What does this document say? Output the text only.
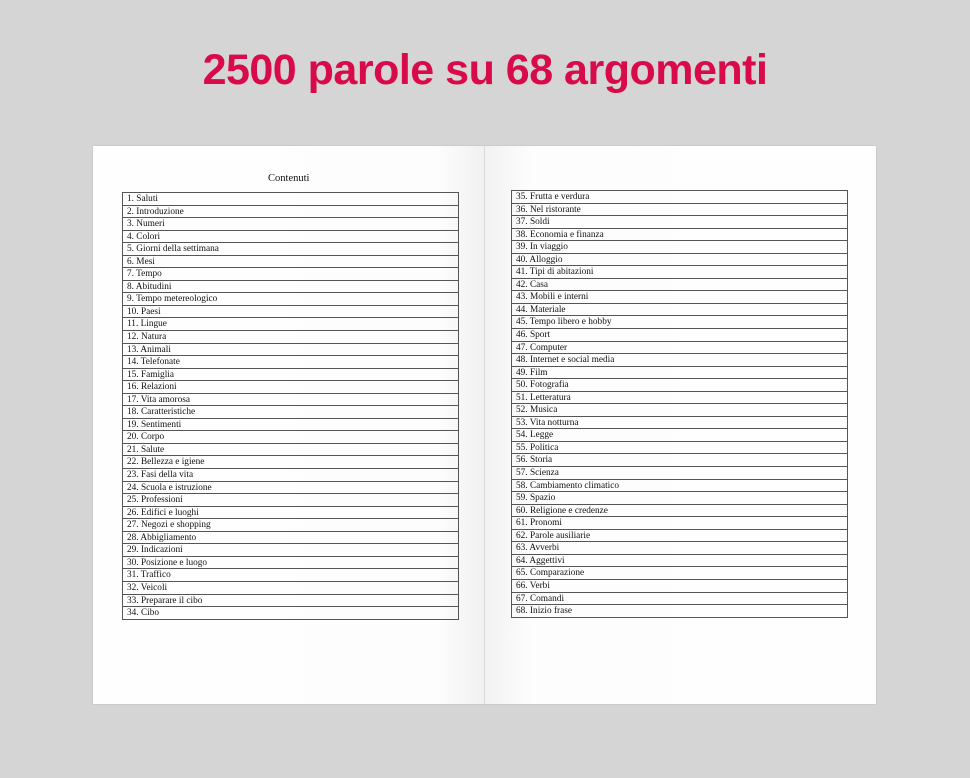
2500 parole su 68 argomenti
Contenuti
1. Saluti
2. Introduzione
3. Numeri
4. Colori
5. Giorni della settimana
6. Mesi
7. Tempo
8. Abitudini
9. Tempo metereologico
10. Paesi
11. Lingue
12. Natura
13. Animali
14. Telefonate
15. Famiglia
16. Relazioni
17. Vita amorosa
18. Caratteristiche
19. Sentimenti
20. Corpo
21. Salute
22. Bellezza e igiene
23. Fasi della vita
24. Scuola e istruzione
25. Professioni
26. Edifici e luoghi
27. Negozi e shopping
28. Abbigliamento
29. Indicazioni
30. Posizione e luogo
31. Traffico
32. Veicoli
33. Preparare il cibo
34. Cibo
35. Frutta e verdura
36. Nel ristorante
37. Soldi
38. Economia e finanza
39. In viaggio
40. Alloggio
41. Tipi di abitazioni
42. Casa
43. Mobili e interni
44. Materiale
45. Tempo libero e hobby
46. Sport
47. Computer
48. Internet e social media
49. Film
50. Fotografia
51. Letteratura
52. Musica
53. Vita notturna
54. Legge
55. Politica
56. Storia
57. Scienza
58. Cambiamento climatico
59. Spazio
60. Religione e credenze
61. Pronomi
62. Parole ausiliarie
63. Avverbi
64. Aggettivi
65. Comparazione
66. Verbi
67. Comandi
68. Inizio frase
